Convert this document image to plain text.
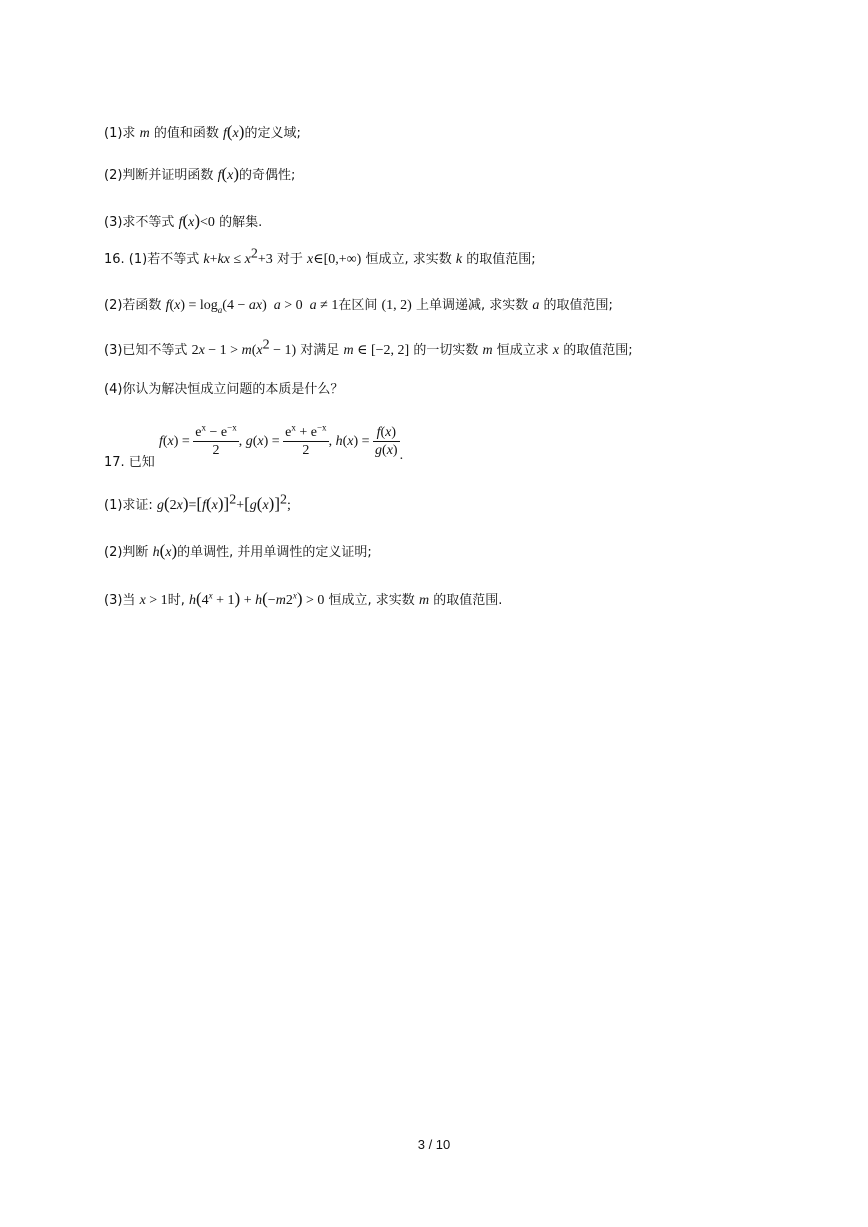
(1)求 m 的值和函数 f(x)的定义域;
(2)判断并证明函数 f(x)的奇偶性;
(3)求不等式 f(x)<0 的解集.
16. (1)若不等式 $k+kx \le x^2+3$ 对于 x∈[0,+∞) 恒成立, 求实数 k 的取值范围;
(2)若函数 $f(x) = \log_a(4 - ax) a > 0$  a ≠ 1在区间 (1, 2) 上单调递减, 求实数 a 的取值范围;
(3)已知不等式 $2x - 1 > m(x^2 - 1)$ 对满足 m ∈ [−2, 2] 的一切实数 m 恒成立求 x 的取值范围;
(4)你认为解决恒成立问题的本质是什么？
17. 已知 $f(x) = \frac{e^x - e^{-x}}{2}$ , $g(x) = \frac{e^x + e^{-x}}{2}$ , $h(x) = \frac{f(x)}{g(x)}$ .
(1)求证: $g(2x)=[f(x)]^2+[g(x)]^2$;
(2)判断 h(x)的单调性, 并用单调性的定义证明;
(3)当 x > 1时, $h(4^x + 1) + h(-m2^x) > 0$ 恒成立, 求实数 m 的取值范围.
3 / 10
